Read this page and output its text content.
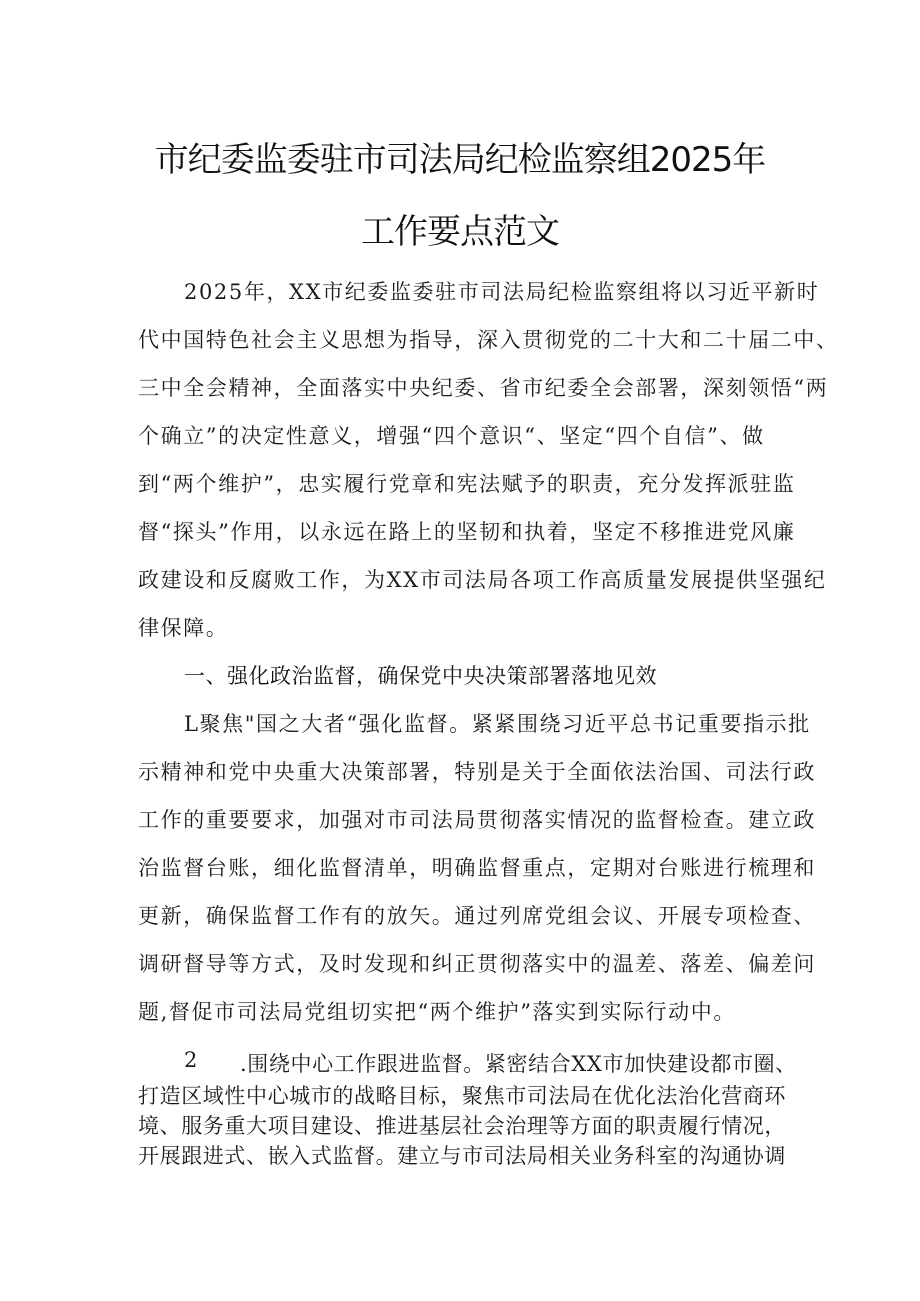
市纪委监委驻市司法局纪检监察组2025年
工作要点范文
2025年，XX市纪委监委驻市司法局纪检监察组将以习近平新时
代中国特色社会主义思想为指导，深入贯彻党的二十大和二十届二中、
三中全会精神，全面落实中央纪委、省市纪委全会部署，深刻领悟“两
个确立”的决定性意义，增强“四个意识“、坚定“四个自信”、做
到“两个维护”，忠实履行党章和宪法赋予的职责，充分发挥派驻监
督“探头”作用，以永远在路上的坚韧和执着，坚定不移推进党风廉
政建设和反腐败工作，为XX市司法局各项工作高质量发展提供坚强纪
律保障。
一、强化政治监督，确保党中央决策部署落地见效
L聚焦"国之大者“强化监督。紧紧围绕习近平总书记重要指示批
示精神和党中央重大决策部署，特别是关于全面依法治国、司法行政
工作的重要要求，加强对市司法局贯彻落实情况的监督检查。建立政
治监督台账，细化监督清单，明确监督重点，定期对台账进行梳理和
更新，确保监督工作有的放矢。通过列席党组会议、开展专项检查、
调研督导等方式，及时发现和纠正贯彻落实中的温差、落差、偏差问
题,督促市司法局党组切实把“两个维护”落实到实际行动中。
2 .围绕中心工作跟进监督。紧密结合XX市加快建设都市圈、
打造区域性中心城市的战略目标，聚焦市司法局在优化法治化营商环
境、服务重大项目建设、推进基层社会治理等方面的职责履行情况，
开展跟进式、嵌入式监督。建立与市司法局相关业务科室的沟通协调
